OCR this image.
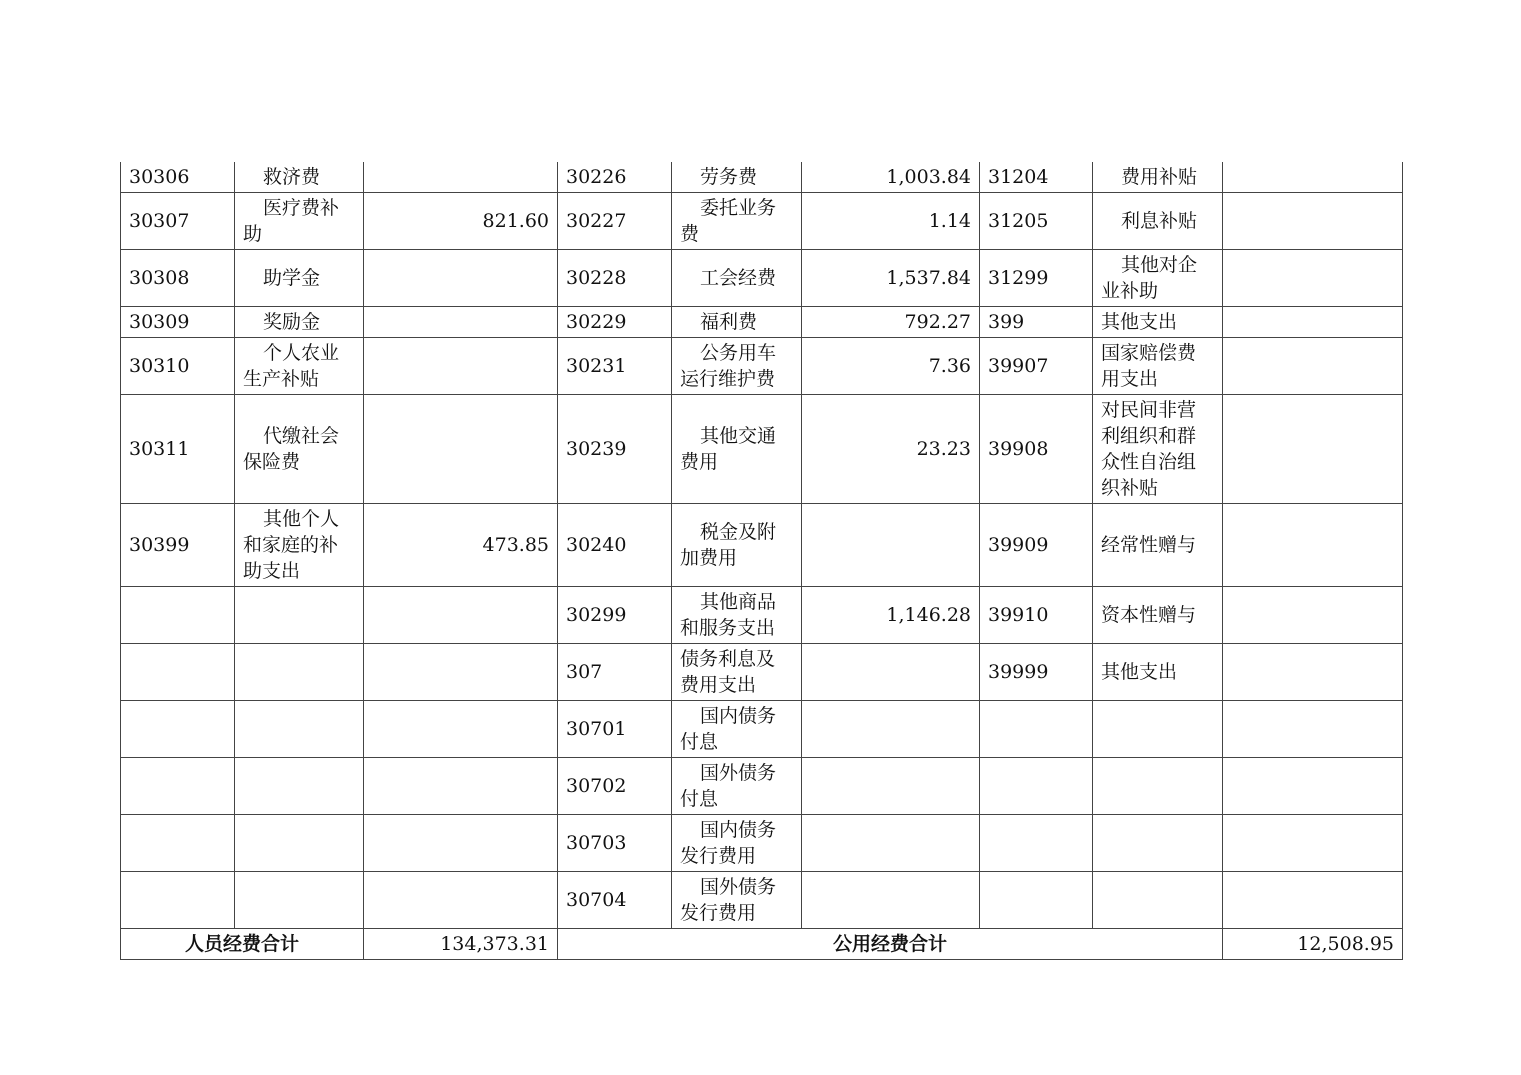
30306	救济费		30226	劳务费	1,003.84	31204	费用补贴	
30307	医疗费补助	821.60	30227	委托业务费	1.14	31205	利息补贴	
30308	助学金		30228	工会经费	1,537.84	31299	其他对企业补助	
30309	奖励金		30229	福利费	792.27	399	其他支出	
30310	个人农业生产补贴		30231	公务用车运行维护费	7.36	39907	国家赔偿费用支出	
30311	代缴社会保险费		30239	其他交通费用	23.23	39908	对民间非营利组织和群众性自治组织补贴	
30399	其他个人和家庭的补助支出	473.85	30240	税金及附加费用		39909	经常性赠与	
			30299	其他商品和服务支出	1,146.28	39910	资本性赠与	
			307	债务利息及费用支出		39999	其他支出	
			30701	国内债务付息				
			30702	国外债务付息				
			30703	国内债务发行费用				
			30704	国外债务发行费用				
人员经费合计		134,373.31	公用经费合计					12,508.95
